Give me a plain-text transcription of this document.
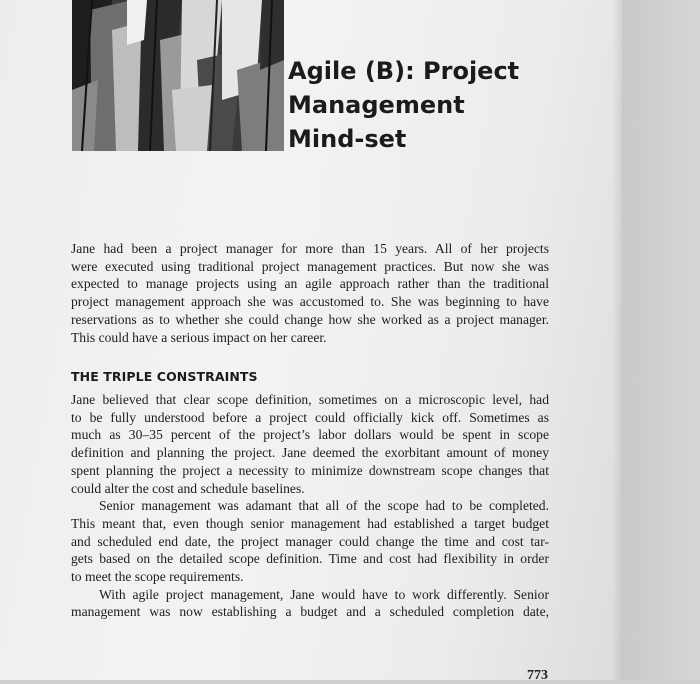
Agile (B): Project
Management
Mind-set
Jane had been a project manager for more than 15 years. All of her projects
were executed using traditional project management practices. But now she was
expected to manage projects using an agile approach rather than the traditional
project management approach she was accustomed to. She was beginning to have
reservations as to whether she could change how she worked as a project manager.
This could have a serious impact on her career.
THE TRIPLE CONSTRAINTS
Jane believed that clear scope definition, sometimes on a microscopic level, had
to be fully understood before a project could officially kick off. Sometimes as
much as 30–35 percent of the project’s labor dollars would be spent in scope
definition and planning the project. Jane deemed the exorbitant amount of money
spent planning the project a necessity to minimize downstream scope changes that
could alter the cost and schedule baselines.
Senior management was adamant that all of the scope had to be completed.
This meant that, even though senior management had established a target budget
and scheduled end date, the project manager could change the time and cost tar-
gets based on the detailed scope definition. Time and cost had flexibility in order
to meet the scope requirements.
With agile project management, Jane would have to work differently. Senior
management was now establishing a budget and a scheduled completion date,
773
